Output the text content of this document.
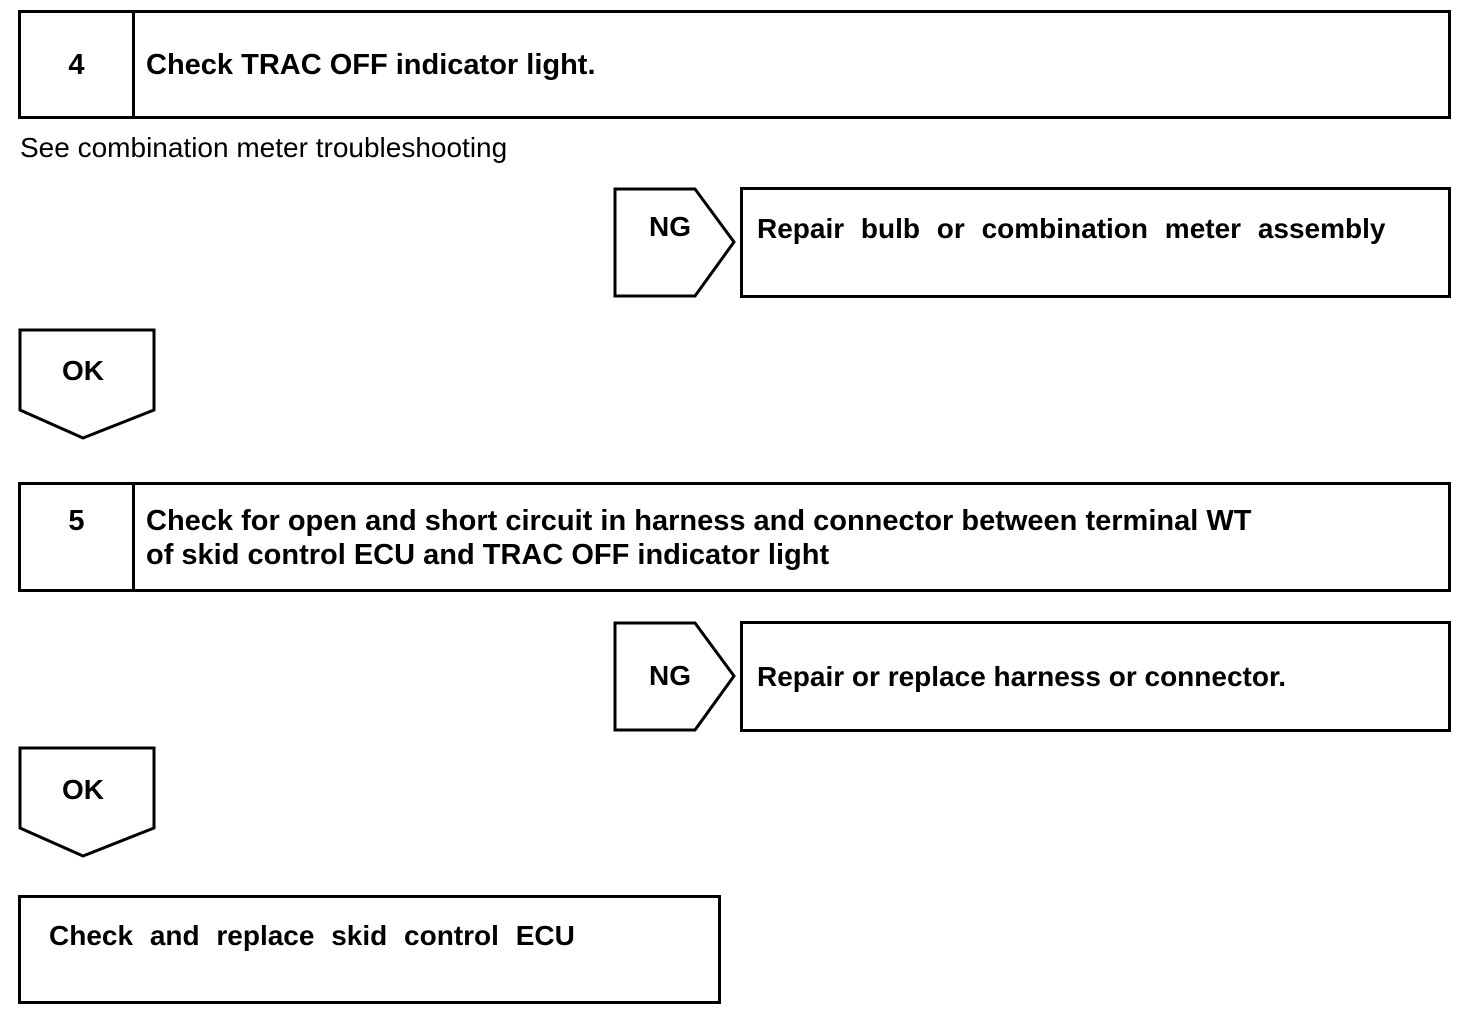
4	Check TRAC OFF indicator light.
See combination meter troubleshooting
NG	Repair bulb or combination meter assembly
OK
5	Check for open and short circuit in harness and connector between terminal WT
of skid control ECU and TRAC OFF indicator light
NG	Repair or replace harness or connector.
OK
Check and replace skid control ECU
